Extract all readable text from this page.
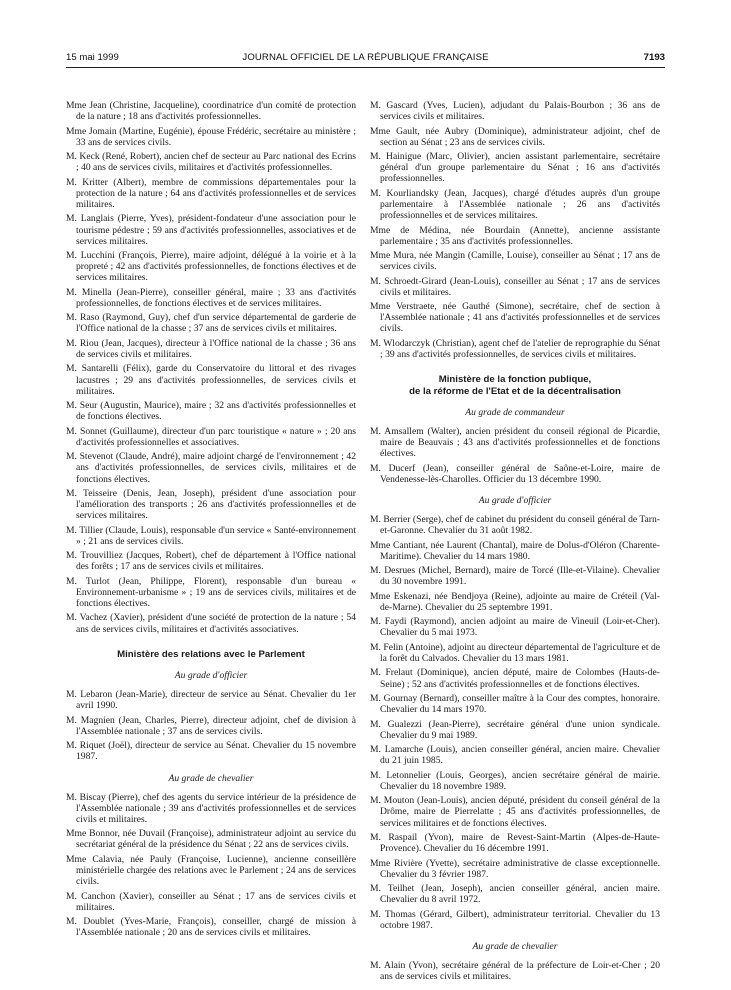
15 mai 1999	JOURNAL OFFICIEL DE LA RÉPUBLIQUE FRANÇAISE	7193

Mme Jean (Christine, Jacqueline), coordinatrice d'un comité de protection de la nature ; 18 ans d'activités professionnelles.

Mme Jomain (Martine, Eugénie), épouse Frédéric, secrétaire au ministère ; 33 ans de services civils.

M. Keck (René, Robert), ancien chef de secteur au Parc national des Ecrins ; 40 ans de services civils, militaires et d'activités professionnelles.

M. Kritter (Albert), membre de commissions départementales pour la protection de la nature ; 64 ans d'activités professionnelles et de services militaires.

M. Langlais (Pierre, Yves), président-fondateur d'une association pour le tourisme pédestre ; 59 ans d'activités professionnelles, associatives et de services militaires.

M. Lucchini (François, Pierre), maire adjoint, délégué à la voirie et à la propreté ; 42 ans d'activités professionnelles, de fonctions électives et de services militaires.

M. Minella (Jean-Pierre), conseiller général, maire ; 33 ans d'activités professionnelles, de fonctions électives et de services militaires.

M. Raso (Raymond, Guy), chef d'un service départemental de garderie de l'Office national de la chasse ; 37 ans de services civils et militaires.

M. Riou (Jean, Jacques), directeur à l'Office national de la chasse ; 36 ans de services civils et militaires.

M. Santarelli (Félix), garde du Conservatoire du littoral et des rivages lacustres ; 29 ans d'activités professionnelles, de services civils et militaires.

M. Seur (Augustin, Maurice), maire ; 32 ans d'activités professionnelles et de fonctions électives.

M. Sonnet (Guillaume), directeur d'un parc touristique « nature » ; 20 ans d'activités professionnelles et associatives.

M. Stevenot (Claude, André), maire adjoint chargé de l'environnement ; 42 ans d'activités professionnelles, de services civils, militaires et de fonctions électives.

M. Teisseire (Denis, Jean, Joseph), président d'une association pour l'amélioration des transports ; 26 ans d'activités professionnelles et de services militaires.

M. Tillier (Claude, Louis), responsable d'un service « Santé-environnement » ; 21 ans de services civils.

M. Trouvilliez (Jacques, Robert), chef de département à l'Office national des forêts ; 17 ans de services civils et militaires.

M. Turlot (Jean, Philippe, Florent), responsable d'un bureau « Environnement-urbanisme » ; 19 ans de services civils, militaires et de fonctions électives.

M. Vachez (Xavier), président d'une société de protection de la nature ; 54 ans de services civils, militaires et d'activités associatives.

Ministère des relations avec le Parlement
Au grade d'officier

M. Lebaron (Jean-Marie), directeur de service au Sénat. Chevalier du 1er avril 1990.

M. Magnien (Jean, Charles, Pierre), directeur adjoint, chef de division à l'Assemblée nationale ; 37 ans de services civils.

M. Riquet (Joël), directeur de service au Sénat. Chevalier du 15 novembre 1987.

Au grade de chevalier

M. Biscay (Pierre), chef des agents du service intérieur de la présidence de l'Assemblée nationale ; 39 ans d'activités professionnelles et de services civils et militaires.

Mme Bonnor, née Duvail (Françoise), administrateur adjoint au service du secrétariat général de la présidence du Sénat ; 22 ans de services civils.

Mme Calavia, née Pauly (Françoise, Lucienne), ancienne conseillère ministérielle chargée des relations avec le Parlement ; 24 ans de services civils.

M. Canchon (Xavier), conseiller au Sénat ; 17 ans de services civils et militaires.

M. Doublet (Yves-Marie, François), conseiller, chargé de mission à l'Assemblée nationale ; 20 ans de services civils et militaires.

M. Gascard (Yves, Lucien), adjudant du Palais-Bourbon ; 36 ans de services civils et militaires.

Mme Gault, née Aubry (Dominique), administrateur adjoint, chef de section au Sénat ; 23 ans de services civils.

M. Hainigue (Marc, Olivier), ancien assistant parlementaire, secrétaire général d'un groupe parlementaire du Sénat ; 16 ans d'activités professionnelles.

M. Kourliandsky (Jean, Jacques), chargé d'études auprès d'un groupe parlementaire à l'Assemblée nationale ; 26 ans d'activités professionnelles et de services militaires.

Mme de Médina, née Bourdain (Annette), ancienne assistante parlementaire ; 35 ans d'activités professionnelles.

Mme Mura, née Mangin (Camille, Louise), conseiller au Sénat ; 17 ans de services civils.

M. Schroedt-Girard (Jean-Louis), conseiller au Sénat ; 17 ans de services civils et militaires.

Mme Verstraete, née Gauthé (Simone), secrétaire, chef de section à l'Assemblée nationale ; 41 ans d'activités professionnelles et de services civils.

M. Wlodarczyk (Christian), agent chef de l'atelier de reprographie du Sénat ; 39 ans d'activités professionnelles, de services civils et militaires.

Ministère de la fonction publique,
de la réforme de l'Etat et de la décentralisation
Au grade de commandeur

M. Amsallem (Walter), ancien président du conseil régional de Picardie, maire de Beauvais ; 43 ans d'activités professionnelles et de fonctions électives.

M. Ducerf (Jean), conseiller général de Saône-et-Loire, maire de Vendenesse-lès-Charolles. Officier du 13 décembre 1990.

Au grade d'officier

M. Berrier (Serge), chef de cabinet du président du conseil général de Tarn-et-Garonne. Chevalier du 31 août 1982.

Mme Cantiant, née Laurent (Chantal), maire de Dolus-d'Oléron (Charente-Maritime). Chevalier du 14 mars 1980.

M. Desrues (Michel, Bernard), maire de Torcé (Ille-et-Vilaine). Chevalier du 30 novembre 1991.

Mme Eskenazi, née Bendjoya (Reine), adjointe au maire de Créteil (Val-de-Marne). Chevalier du 25 septembre 1991.

M. Faydi (Raymond), ancien adjoint au maire de Vineuil (Loir-et-Cher). Chevalier du 5 mai 1973.

M. Felin (Antoine), adjoint au directeur départemental de l'agriculture et de la forêt du Calvados. Chevalier du 13 mars 1981.

M. Frelaut (Dominique), ancien député, maire de Colombes (Hauts-de-Seine) ; 52 ans d'activités professionnelles et de fonctions électives.

M. Gournay (Bernard), conseiller maître à la Cour des comptes, honoraire. Chevalier du 14 mars 1970.

M. Gualezzi (Jean-Pierre), secrétaire général d'une union syndicale. Chevalier du 9 mai 1989.

M. Lamarche (Louis), ancien conseiller général, ancien maire. Chevalier du 21 juin 1985.

M. Letonnelier (Louis, Georges), ancien secrétaire général de mairie. Chevalier du 18 novembre 1989.

M. Mouton (Jean-Louis), ancien député, président du conseil général de la Drôme, maire de Pierrelatte ; 45 ans d'activités professionnelles, de services militaires et de fonctions électives.

M. Raspail (Yvon), maire de Revest-Saint-Martin (Alpes-de-Haute-Provence). Chevalier du 16 décembre 1991.

Mme Rivière (Yvette), secrétaire administrative de classe exceptionnelle. Chevalier du 3 février 1987.

M. Teilhet (Jean, Joseph), ancien conseiller général, ancien maire. Chevalier du 8 avril 1972.

M. Thomas (Gérard, Gilbert), administrateur territorial. Chevalier du 13 octobre 1987.

Au grade de chevalier

M. Alain (Yvon), secrétaire général de la préfecture de Loir-et-Cher ; 20 ans de services civils et militaires.
